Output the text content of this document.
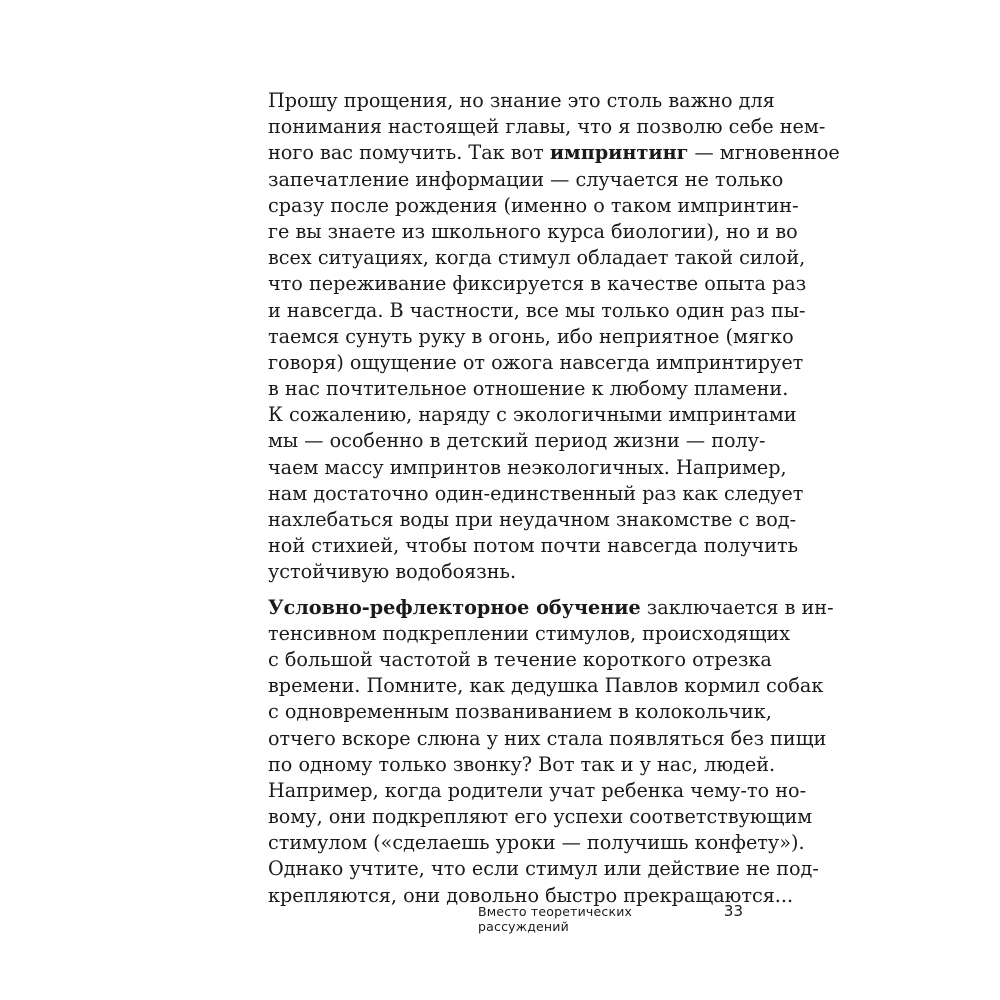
Прошу прощения, но знание это столь важно для
понимания настоящей главы, что я позволю себе нем-
ного вас помучить. Так вот импринтинг — мгновенное
запечатление информации — случается не только
сразу после рождения (именно о таком импринтин-
ге вы знаете из школьного курса биологии), но и во
всех ситуациях, когда стимул обладает такой силой,
что переживание фиксируется в качестве опыта раз
и навсегда. В частности, все мы только один раз пы-
таемся сунуть руку в огонь, ибо неприятное (мягко
говоря) ощущение от ожога навсегда импринтирует
в нас почтительное отношение к любому пламени.
К сожалению, наряду с экологичными импринтами
мы — особенно в детский период жизни — полу-
чаем массу импринтов неэкологичных. Например,
нам достаточно один-единственный раз как следует
нахлебаться воды при неудачном знакомстве с вод-
ной стихией, чтобы потом почти навсегда получить
устойчивую водобоязнь.
Условно-рефлекторное обучение заключается в ин-
тенсивном подкреплении стимулов, происходящих
с большой частотой в течение короткого отрезка
времени. Помните, как дедушка Павлов кормил собак
с одновременным позваниванием в колокольчик,
отчего вскоре слюна у них стала появляться без пищи
по одному только звонку? Вот так и у нас, людей.
Например, когда родители учат ребенка чему-то но-
вому, они подкрепляют его успехи соответствующим
стимулом («сделаешь уроки — получишь конфету»).
Однако учтите, что если стимул или действие не под-
крепляются, они довольно быстро прекращаются...
Вместо теоретических рассуждений
33
